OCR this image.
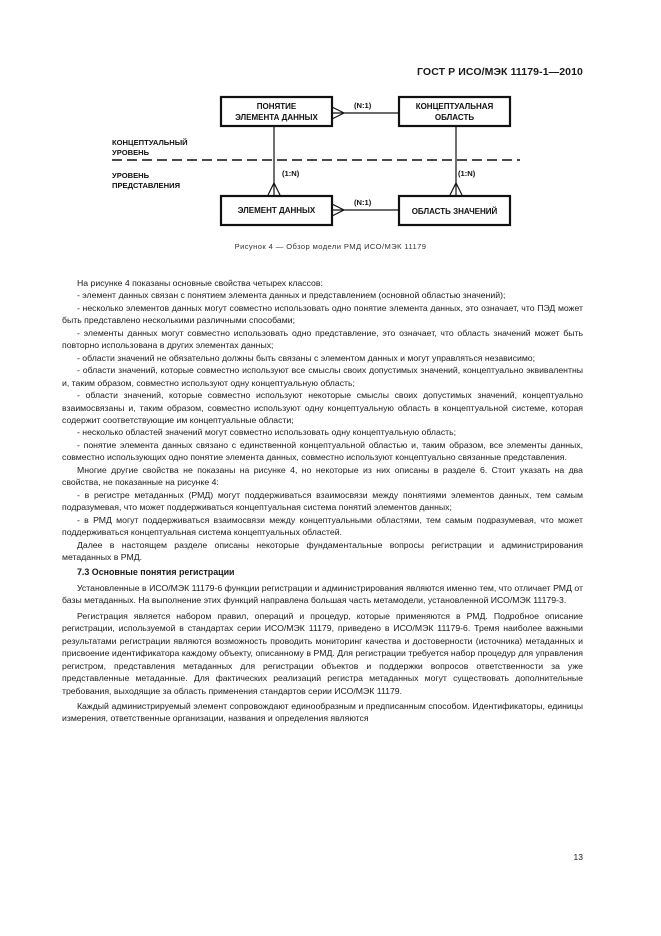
ГОСТ Р ИСО/МЭК 11179-1—2010
ПОНЯТИЕ
ЭЛЕМЕНТА ДАННЫХ
КОНЦЕПТУАЛЬНАЯ
ОБЛАСТЬ
ЭЛЕМЕНТ ДАННЫХ	ОБЛАСТЬ ЗНАЧЕНИЙ
(N:1)
(N:1)
(1:N)	(1:N)
КОНЦЕПТУАЛЬНЫЙ
УРОВЕНЬ
УРОВЕНЬ
ПРЕДСТАВЛЕНИЯ
Рисунок 4 — Обзор модели РМД ИСО/МЭК 11179

На рисунке 4 показаны основные свойства четырех классов:

- элемент данных связан с понятием элемента данных и представлением (основной областью значений);

- несколько элементов данных могут совместно использовать одно понятие элемента данных, это означает, что ПЭД может быть представлено несколькими различными способами;

- элементы данных могут совместно использовать одно представление, это означает, что область значений может быть повторно использована в других элементах данных;

- области значений не обязательно должны быть связаны с элементом данных и могут управляться независимо;

- области значений, которые совместно используют все смыслы своих допустимых значений, концептуально эквивалентны и, таким образом, совместно используют одну концептуальную область;

- области значений, которые совместно используют некоторые смыслы своих допустимых значений, концептуально взаимосвязаны и, таким образом, совместно используют одну концептуальную область в концептуальной системе, которая содержит соответствующие им концептуальные области;

- несколько областей значений могут совместно использовать одну концептуальную область;

- понятие элемента данных связано с единственной концептуальной областью и, таким образом, все элементы данных, совместно использующих одно понятие элемента данных, совместно используют концептуально связанные представления.

Многие другие свойства не показаны на рисунке 4, но некоторые из них описаны в разделе 6. Стоит указать на два свойства, не показанные на рисунке 4:

- в регистре метаданных (РМД) могут поддерживаться взаимосвязи между понятиями элементов данных, тем самым подразумевая, что может поддерживаться концептуальная система понятий элементов данных;

- в РМД могут поддерживаться взаимосвязи между концептуальными областями, тем самым подразумевая, что может поддерживаться концептуальная система концептуальных областей.

Далее в настоящем разделе описаны некоторые фундаментальные вопросы регистрации и администрирования метаданных в РМД.

7.3 Основные понятия регистрации

Установленные в ИСО/МЭК 11179-6 функции регистрации и администрирования являются именно тем, что отличает РМД от базы метаданных. На выполнение этих функций направлена большая часть метамодели, установленной ИСО/МЭК 11179-3.

Регистрация является набором правил, операций и процедур, которые применяются в РМД. Подробное описание регистрации, используемой в стандартах серии ИСО/МЭК 11179, приведено в ИСО/МЭК 11179-6. Тремя наиболее важными результатами регистрации являются возможность проводить мониторинг качества и достоверности (источника) метаданных и присвоение идентификатора каждому объекту, описанному в РМД. Для регистрации требуется набор процедур для управления регистром, представления метаданных для регистрации объектов и поддержки вопросов ответственности за уже представленные метаданные. Для фактических реализаций регистра метаданных могут существовать дополнительные требования, выходящие за область применения стандартов серии ИСО/МЭК 11179.

Каждый администрируемый элемент сопровождают единообразным и предписанным способом. Идентификаторы, единицы измерения, ответственные организации, названия и определения являются

13
